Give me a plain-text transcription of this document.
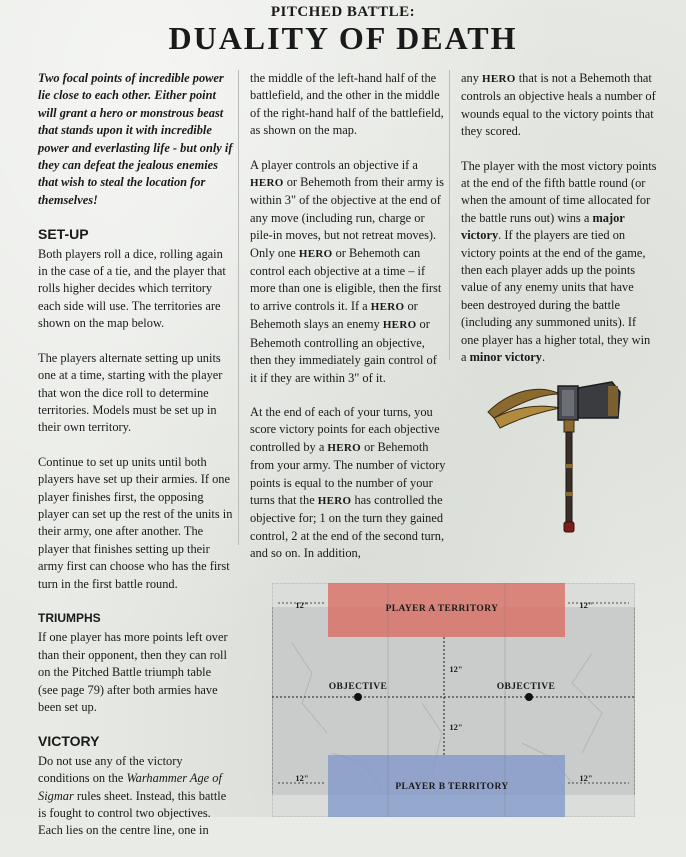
PITCHED BATTLE:
DUALITY OF DEATH

Two focal points of incredible power lie close to each other. Either point will grant a hero or monstrous beast that stands upon it with incredible power and everlasting life - but only if they can defeat the jealous enemies that wish to steal the location for themselves!

SET-UP

Both players roll a dice, rolling again in the case of a tie, and the player that rolls higher decides which territory each side will use. The territories are shown on the map below.

The players alternate setting up units one at a time, starting with the player that won the dice roll to determine territories. Models must be set up in their own territory.

Continue to set up units until both players have set up their armies. If one player finishes first, the opposing player can set up the rest of the units in their army, one after another. The player that finishes setting up their army first can choose who has the first turn in the first battle round.

TRIUMPHS

If one player has more points left over than their opponent, then they can roll on the Pitched Battle triumph table (see page 79) after both armies have been set up.

VICTORY

Do not use any of the victory conditions on the Warhammer Age of Sigmar rules sheet. Instead, this battle is fought to control two objectives. Each lies on the centre line, one in

the middle of the left-hand half of the battlefield, and the other in the middle of the right-hand half of the battlefield, as shown on the map.

A player controls an objective if a HERO or Behemoth from their army is within 3" of the objective at the end of any move (including run, charge or pile-in moves, but not retreat moves). Only one HERO or Behemoth can control each objective at a time – if more than one is eligible, then the first to arrive controls it. If a HERO or Behemoth slays an enemy HERO or Behemoth controlling an objective, then they immediately gain control of it if they are within 3" of it.

At the end of each of your turns, you score victory points for each objective controlled by a HERO or Behemoth from your army. The number of victory points is equal to the number of your turns that the HERO has controlled the objective for; 1 on the turn they gained control, 2 at the end of the second turn, and so on. In addition,

any HERO that is not a Behemoth that controls an objective heals a number of wounds equal to the victory points that they scored.

The player with the most victory points at the end of the fifth battle round (or when the amount of time allocated for the battle runs out) wins a major victory. If the players are tied on victory points at the end of the game, then each player adds up the points value of any enemy units that have been destroyed during the battle (including any summoned units). If one player has a higher total, they win a minor victory.

PLAYER A TERRITORY
PLAYER B TERRITORY
OBJECTIVE	OBJECTIVE
12"	12"
12"	12"
12"
12"
